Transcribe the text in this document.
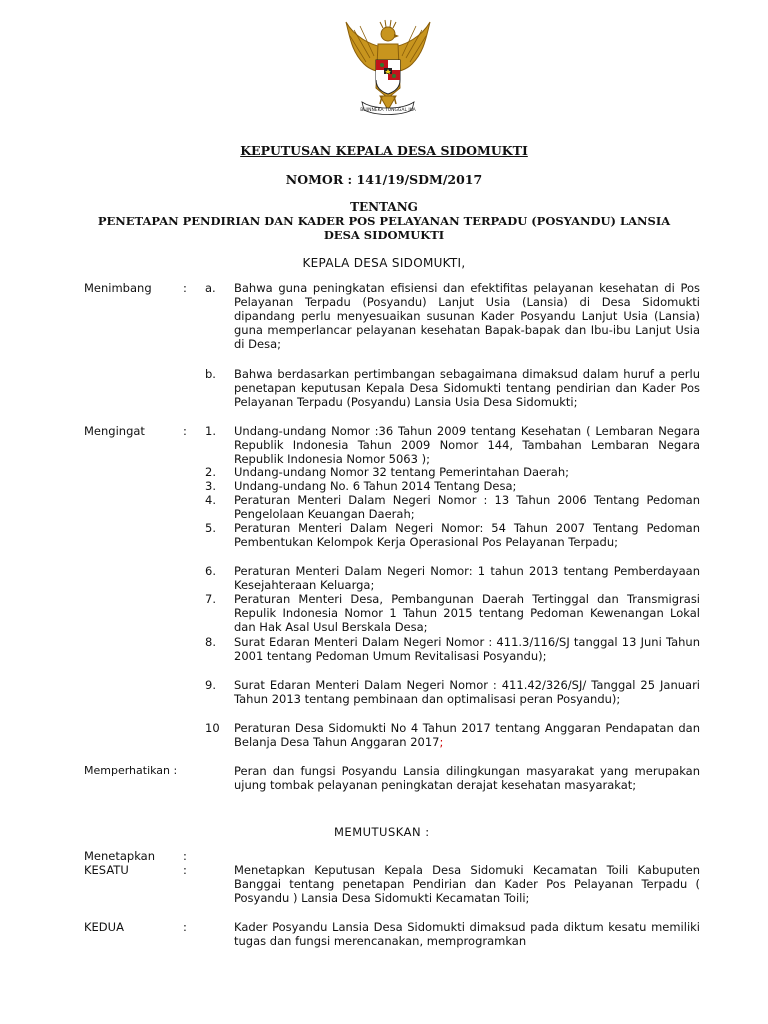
BHINNEKA TUNGGAL IKA
KEPUTUSAN KEPALA DESA SIDOMUKTI
NOMOR : 141/19/SDM/2017
TENTANG
PENETAPAN PENDIRIAN DAN KADER POS PELAYANAN TERPADU (POSYANDU) LANSIA
DESA SIDOMUKTI
KEPALA DESA SIDOMUKTI,
Menimbang	: a. Bahwa guna peningkatan efisiensi dan efektifitas pelayanan kesehatan di Pos Pelayanan Terpadu (Posyandu) Lanjut Usia (Lansia) di Desa Sidomukti dipandang perlu menyesuaikan susunan Kader Posyandu Lanjut Usia (Lansia) guna memperlancar pelayanan kesehatan Bapak-bapak dan Ibu-ibu Lanjut Usia di Desa;
b. Bahwa berdasarkan pertimbangan sebagaimana dimaksud dalam huruf a perlu penetapan keputusan Kepala Desa Sidomukti tentang pendirian dan Kader Pos Pelayanan Terpadu (Posyandu) Lansia Usia Desa Sidomukti;
Mengingat	: 1. Undang-undang Nomor :36 Tahun 2009 tentang Kesehatan ( Lembaran Negara Republik Indonesia Tahun 2009 Nomor 144, Tambahan Lembaran Negara Republik Indonesia Nomor 5063 );
2. Undang-undang Nomor 32 tentang Pemerintahan Daerah;
3. Undang-undang No. 6 Tahun 2014 Tentang Desa;
4. Peraturan Menteri Dalam Negeri Nomor : 13 Tahun 2006 Tentang Pedoman Pengelolaan Keuangan Daerah;
5. Peraturan Menteri Dalam Negeri Nomor: 54 Tahun 2007 Tentang Pedoman Pembentukan Kelompok Kerja Operasional Pos Pelayanan Terpadu;
6. Peraturan Menteri Dalam Negeri Nomor: 1 tahun 2013 tentang Pemberdayaan Kesejahteraan Keluarga;
7. Peraturan Menteri Desa, Pembangunan Daerah Tertinggal dan Transmigrasi Repulik Indonesia Nomor 1 Tahun 2015 tentang Pedoman Kewenangan Lokal dan Hak Asal Usul Berskala Desa;
8. Surat Edaran Menteri Dalam Negeri Nomor : 411.3/116/SJ tanggal 13 Juni Tahun 2001 tentang Pedoman Umum Revitalisasi Posyandu);
9. Surat Edaran Menteri Dalam Negeri Nomor : 411.42/326/SJ/ Tanggal 25 Januari Tahun 2013 tentang pembinaan dan optimalisasi peran Posyandu);
10 Peraturan Desa Sidomukti No 4 Tahun 2017 tentang Anggaran Pendapatan dan Belanja Desa Tahun Anggaran 2017;
Memperhatikan :	Peran dan fungsi Posyandu Lansia dilingkungan masyarakat yang merupakan ujung tombak pelayanan peningkatan derajat kesehatan masyarakat;
MEMUTUSKAN :
Menetapkan :
KESATU	:	Menetapkan Keputusan Kepala Desa Sidomuki Kecamatan Toili Kabuputen Banggai tentang penetapan Pendirian dan Kader Pos Pelayanan Terpadu ( Posyandu ) Lansia Desa Sidomukti Kecamatan Toili;
KEDUA	:	Kader Posyandu Lansia Desa Sidomukti dimaksud pada diktum kesatu memiliki tugas dan fungsi merencanakan, memprogramkan
